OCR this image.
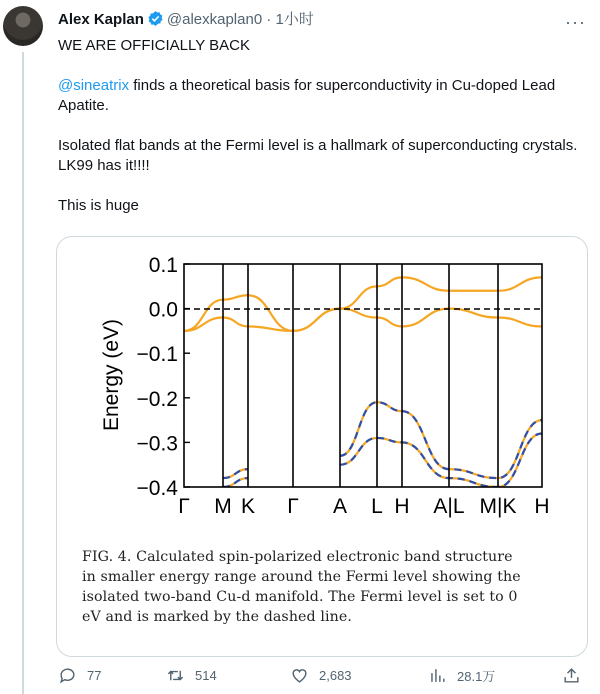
Alex Kaplan @alexkaplan0 · 1小时	···

WE ARE OFFICIALLY BACK

@sineatrix finds a theoretical basis for superconductivity in Cu-doped Lead Apatite.

Isolated flat bands at the Fermi level is a hallmark of superconducting crystals. LK99 has it!!!!

This is huge

0.1
0.0
−0.1
−0.2
−0.3
−0.4
Γ M K Γ A L H A|L M|K H
Energy (eV)

FIG. 4. Calculated spin-polarized electronic band structure

in smaller energy range around the Fermi level showing the

isolated two-band Cu-d manifold. The Fermi level is set to 0

eV and is marked by the dashed line.

77	514	2,683	28.1万
